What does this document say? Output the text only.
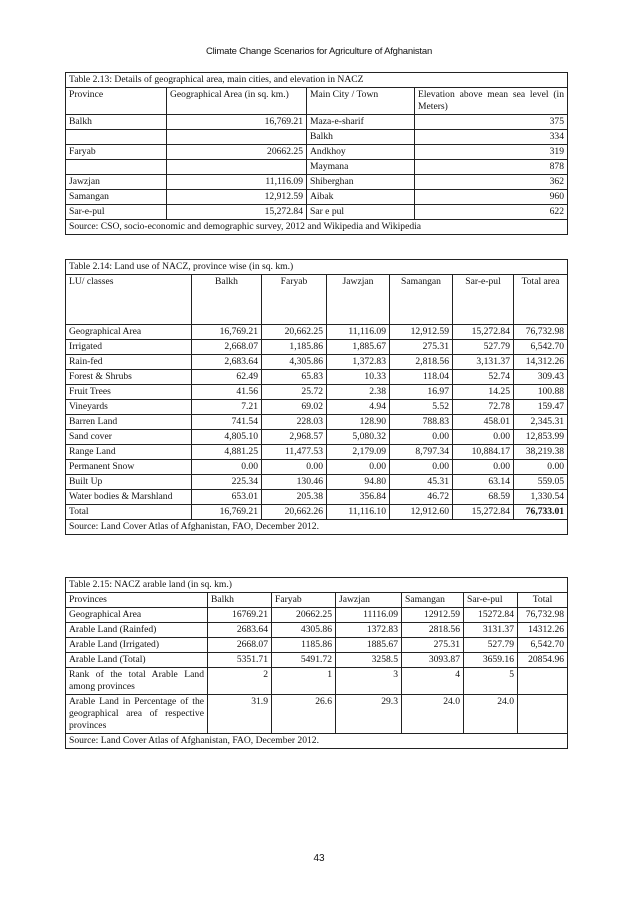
Climate Change Scenarios for Agriculture of Afghanistan
Table 2.13: Details of geographical area, main cities, and elevation in NACZ			
Province	Geographical Area (in sq. km.)	Main City / Town	Elevation above mean sea level (in Meters)
Balkh	16,769.21	Maza-e-sharif	375
		Balkh	334
Faryab	20662.25	Andkhoy	319
		Maymana	878
Jawzjan	11,116.09	Shiberghan	362
Samangan	12,912.59	Aibak	960
Sar-e-pul	15,272.84	Sar e pul	622
Source: CSO, socio-economic and demographic survey, 2012 and Wikipedia and Wikipedia			
Table 2.14: Land use of NACZ, province wise (in sq. km.)						
LU/ classes	Balkh	Faryab	Jawzjan	Samangan	Sar-e-pul	Total area
Geographical Area	16,769.21	20,662.25	11,116.09	12,912.59	15,272.84	76,732.98
Irrigated	2,668.07	1,185.86	1,885.67	275.31	527.79	6,542.70
Rain-fed	2,683.64	4,305.86	1,372.83	2,818.56	3,131.37	14,312.26
Forest & Shrubs	62.49	65.83	10.33	118.04	52.74	309.43
Fruit Trees	41.56	25.72	2.38	16.97	14.25	100.88
Vineyards	7.21	69.02	4.94	5.52	72.78	159.47
Barren Land	741.54	228.03	128.90	788.83	458.01	2,345.31
Sand cover	4,805.10	2,968.57	5,080.32	0.00	0.00	12,853.99
Range Land	4,881.25	11,477.53	2,179.09	8,797.34	10,884.17	38,219.38
Permanent Snow	0.00	0.00	0.00	0.00	0.00	0.00
Built Up	225.34	130.46	94.80	45.31	63.14	559.05
Water bodies & Marshland	653.01	205.38	356.84	46.72	68.59	1,330.54
Total	16,769.21	20,662.26	11,116.10	12,912.60	15,272.84	76,733.01
Source: Land Cover Atlas of Afghanistan, FAO, December 2012.						
Table 2.15: NACZ arable land (in sq. km.)						
Provinces	Balkh	Faryab	Jawzjan	Samangan	Sar-e-pul	Total
Geographical Area	16769.21	20662.25	11116.09	12912.59	15272.84	76,732.98
Arable Land (Rainfed)	2683.64	4305.86	1372.83	2818.56	3131.37	14312.26
Arable Land (Irrigated)	2668.07	1185.86	1885.67	275.31	527.79	6,542.70
Arable Land (Total)	5351.71	5491.72	3258.5	3093.87	3659.16	20854.96
Rank of the total Arable Land among provinces	2	1	3	4	5	
Arable Land in Percentage of the geographical area of respective provinces	31.9	26.6	29.3	24.0	24.0	
Source: Land Cover Atlas of Afghanistan, FAO, December 2012.						
43
